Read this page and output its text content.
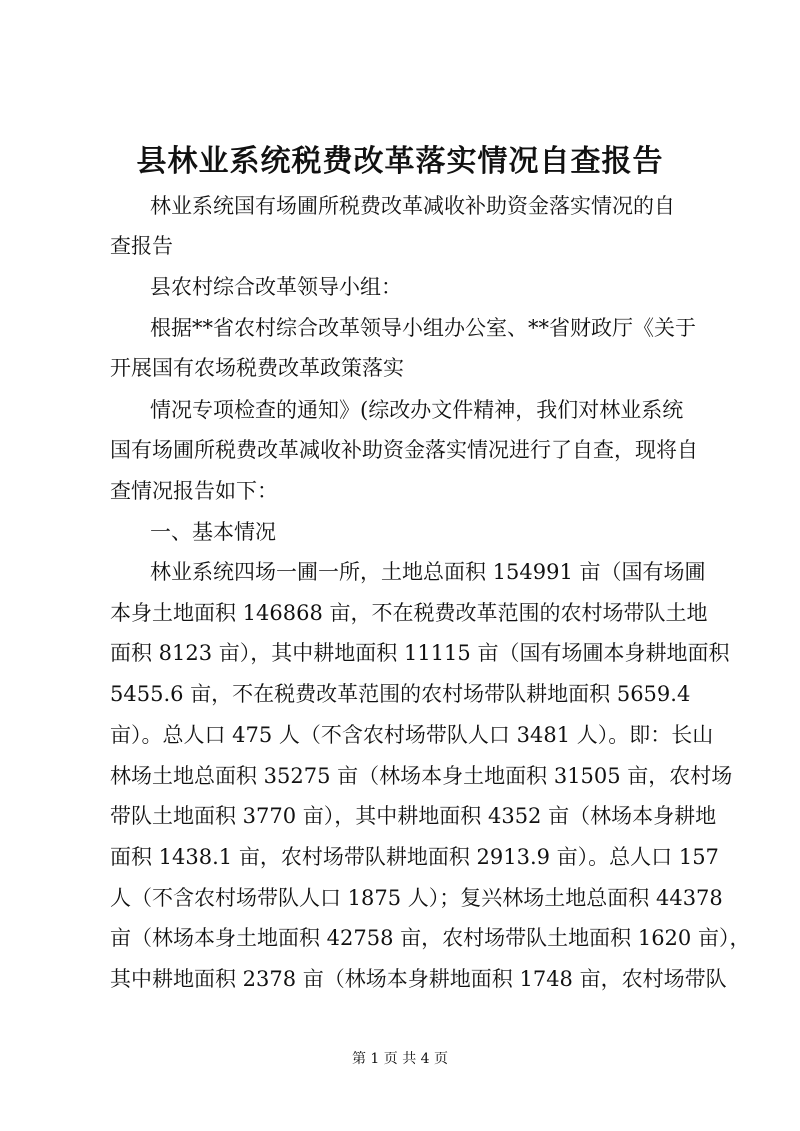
县林业系统税费改革落实情况自查报告

林业系统国有场圃所税费改革减收补助资金落实情况的自

查报告

县农村综合改革领导小组：

根据**省农村综合改革领导小组办公室、**省财政厅《关于

开展国有农场税费改革政策落实

情况专项检查的通知》(综改办文件精神，我们对林业系统

国有场圃所税费改革减收补助资金落实情况进行了自查，现将自

查情况报告如下：

一、基本情况

林业系统四场一圃一所，土地总面积 154991 亩（国有场圃

本身土地面积 146868 亩，不在税费改革范围的农村场带队土地

面积 8123 亩），其中耕地面积 11115 亩（国有场圃本身耕地面积

5455.6 亩，不在税费改革范围的农村场带队耕地面积 5659.4

亩）。总人口 475 人（不含农村场带队人口 3481 人）。即：长山

林场土地总面积 35275 亩（林场本身土地面积 31505 亩，农村场

带队土地面积 3770 亩），其中耕地面积 4352 亩（林场本身耕地

面积 1438.1 亩，农村场带队耕地面积 2913.9 亩）。总人口 157

人（不含农村场带队人口 1875 人）；复兴林场土地总面积 44378

亩（林场本身土地面积 42758 亩，农村场带队土地面积 1620 亩），

其中耕地面积 2378 亩（林场本身耕地面积 1748 亩，农村场带队

第 1 页 共 4 页
